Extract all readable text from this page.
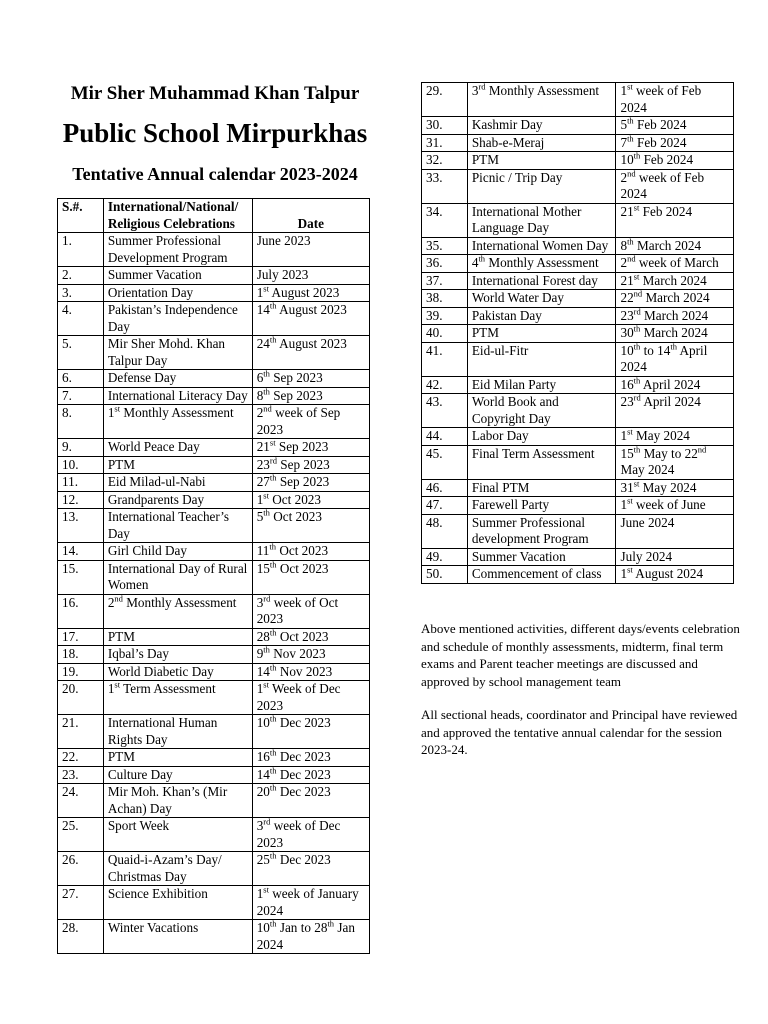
Mir Sher Muhammad Khan Talpur
Public School Mirpurkhas
Tentative Annual calendar 2023-2024
S.#.	International/National/ Religious Celebrations	Date
1.	Summer Professional Development Program	June 2023
2.	Summer Vacation	July 2023
3.	Orientation Day	1st August 2023
4.	Pakistan’s Independence Day	14th August 2023
5.	Mir Sher Mohd. Khan Talpur Day	24th August 2023
6.	Defense Day	6th Sep 2023
7.	International Literacy Day	8th Sep 2023
8.	1st Monthly Assessment	2nd week of Sep 2023
9.	World Peace Day	21st Sep 2023
10.	PTM	23rd Sep 2023
11.	Eid Milad-ul-Nabi	27th Sep 2023
12.	Grandparents Day	1st Oct 2023
13.	International Teacher’s Day	5th Oct 2023
14.	Girl Child Day	11th Oct 2023
15.	International Day of Rural Women	15th Oct 2023
16.	2nd Monthly Assessment	3rd week of Oct 2023
17.	PTM	28th Oct 2023
18.	Iqbal’s Day	9th Nov 2023
19.	World Diabetic Day	14th Nov 2023
20.	1st Term Assessment	1st Week of Dec 2023
21.	International Human Rights Day	10th Dec 2023
22.	PTM	16th Dec 2023
23.	Culture Day	14th Dec 2023
24.	Mir Moh. Khan’s (Mir Achan) Day	20th Dec 2023
25.	Sport Week	3rd week of Dec 2023
26.	Quaid-i-Azam’s Day/ Christmas Day	25th Dec 2023
27.	Science Exhibition	1st week of January 2024
28.	Winter Vacations	10th Jan to 28th Jan 2024
29.	3rd Monthly Assessment	1st week of Feb 2024
30.	Kashmir Day	5th Feb 2024
31.	Shab-e-Meraj	7th Feb 2024
32.	PTM	10th Feb 2024
33.	Picnic / Trip Day	2nd week of Feb 2024
34.	International Mother Language Day	21st Feb 2024
35.	International Women Day	8th March 2024
36.	4th Monthly Assessment	2nd week of March
37.	International Forest day	21st March 2024
38.	World Water Day	22nd March 2024
39.	Pakistan Day	23rd March 2024
40.	PTM	30th March 2024
41.	Eid-ul-Fitr	10th to 14th April 2024
42.	Eid Milan Party	16th April 2024
43.	World Book and Copyright Day	23rd April 2024
44.	Labor Day	1st May 2024
45.	Final Term Assessment	15th May to 22nd May 2024
46.	Final PTM	31st May 2024
47.	Farewell Party	1st week of June
48.	Summer Professional development Program	June 2024
49.	Summer Vacation	July 2024
50.	Commencement of class	1st August 2024

Above mentioned activities, different days/events celebration and schedule of monthly assessments, midterm, final term exams and Parent teacher meetings are discussed and approved by school management team

All sectional heads, coordinator and Principal have reviewed and approved the tentative annual calendar for the session 2023-24.
